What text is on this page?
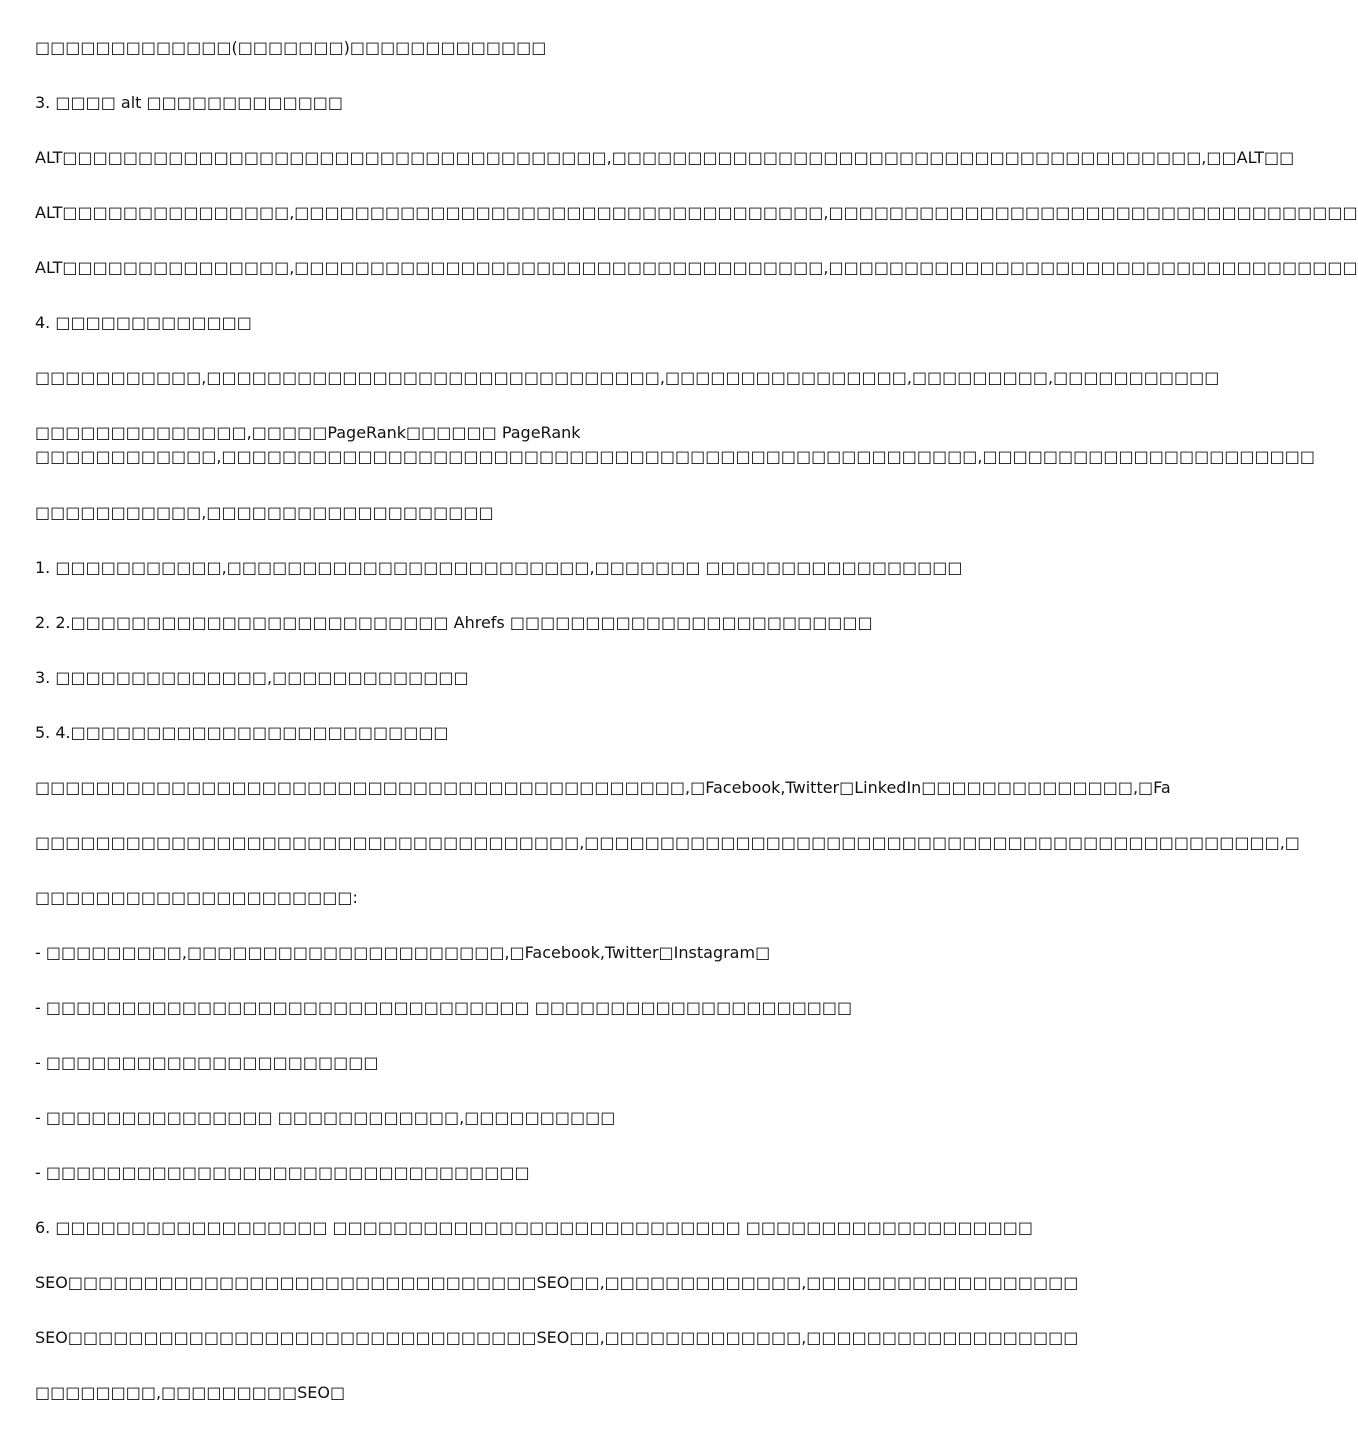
□□□□□□□□□□□□□(□□□□□□□)□□□□□□□□□□□□□
3. □□□□ alt □□□□□□□□□□□□□
ALT□□□□□□□□□□□□□□□□□□□□□□□□□□□□□□□□□□□□,□□□□□□□□□□□□□□□□□□□□□□□□□□□□□□□□□□□□□□□,□□ALT□□
ALT□□□□□□□□□□□□□□□,□□□□□□□□□□□□□□□□□□□□□□□□□□□□□□□□□□□,□□□□□□□□□□□□□□□□□□□□□□□□□□□□□□□□□□□
ALT□□□□□□□□□□□□□□□,□□□□□□□□□□□□□□□□□□□□□□□□□□□□□□□□□□□,□□□□□□□□□□□□□□□□□□□□□□□□□□□□□□□□□□□
4. □□□□□□□□□□□□□
□□□□□□□□□□□,□□□□□□□□□□□□□□□□□□□□□□□□□□□□□□,□□□□□□□□□□□□□□□□,□□□□□□□□□,□□□□□□□□□□□
□□□□□□□□□□□□□□,□□□□□PageRank□□□□□□ PageRank
□□□□□□□□□□□□,□□□□□□□□□□□□□□□□□□□□□□□□□□□□□□□□□□□□□□□□□□□□□□□□□□,□□□□□□□□□□□□□□□□□□□□□□
□□□□□□□□□□□,□□□□□□□□□□□□□□□□□□□
1. □□□□□□□□□□□,□□□□□□□□□□□□□□□□□□□□□□□□,□□□□□□□ □□□□□□□□□□□□□□□□□
2. 2.□□□□□□□□□□□□□□□□□□□□□□□□□ Ahrefs □□□□□□□□□□□□□□□□□□□□□□□□
3. □□□□□□□□□□□□□□,□□□□□□□□□□□□□
5. 4.□□□□□□□□□□□□□□□□□□□□□□□□□
□□□□□□□□□□□□□□□□□□□□□□□□□□□□□□□□□□□□□□□□□□□,□Facebook,Twitter□LinkedIn□□□□□□□□□□□□□□,□Fa
□□□□□□□□□□□□□□□□□□□□□□□□□□□□□□□□□□□□,□□□□□□□□□□□□□□□□□□□□□□□□□□□□□□□□□□□□□□□□□□□□□□,□
□□□□□□□□□□□□□□□□□□□□□:
- □□□□□□□□□,□□□□□□□□□□□□□□□□□□□□□,□Facebook,Twitter□Instagram□
- □□□□□□□□□□□□□□□□□□□□□□□□□□□□□□□□ □□□□□□□□□□□□□□□□□□□□□
- □□□□□□□□□□□□□□□□□□□□□□
- □□□□□□□□□□□□□□□ □□□□□□□□□□□□,□□□□□□□□□□
- □□□□□□□□□□□□□□□□□□□□□□□□□□□□□□□□
6. □□□□□□□□□□□□□□□□□□ □□□□□□□□□□□□□□□□□□□□□□□□□□□ □□□□□□□□□□□□□□□□□□□
SEO□□□□□□□□□□□□□□□□□□□□□□□□□□□□□□□SEO□□,□□□□□□□□□□□□□,□□□□□□□□□□□□□□□□□□
SEO□□□□□□□□□□□□□□□□□□□□□□□□□□□□□□□SEO□□,□□□□□□□□□□□□□,□□□□□□□□□□□□□□□□□□
□□□□□□□□,□□□□□□□□□SEO□
